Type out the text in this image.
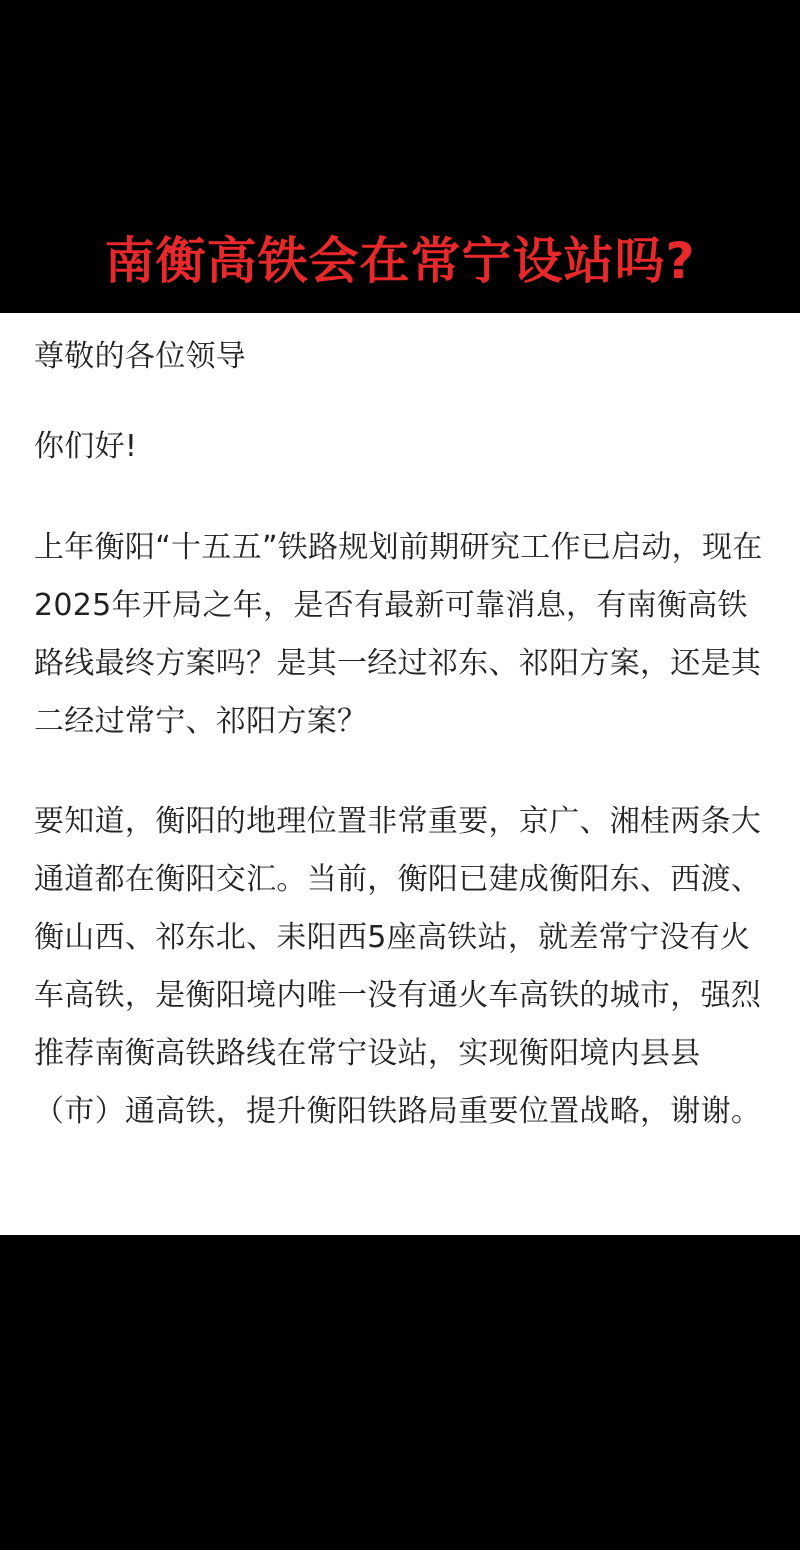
南衡高铁会在常宁设站吗?

尊敬的各位领导

你们好!

上年衡阳“十五五”铁路规划前期研究工作已启动，现在2025年开局之年，是否有最新可靠消息，有南衡高铁路线最终方案吗？是其一经过祁东、祁阳方案，还是其二经过常宁、祁阳方案？

要知道，衡阳的地理位置非常重要，京广、湘桂两条大通道都在衡阳交汇。当前，衡阳已建成衡阳东、西渡、衡山西、祁东北、耒阳西5座高铁站，就差常宁没有火车高铁，是衡阳境内唯一没有通火车高铁的城市，强烈推荐南衡高铁路线在常宁设站，实现衡阳境内县县（市）通高铁，提升衡阳铁路局重要位置战略，谢谢。
